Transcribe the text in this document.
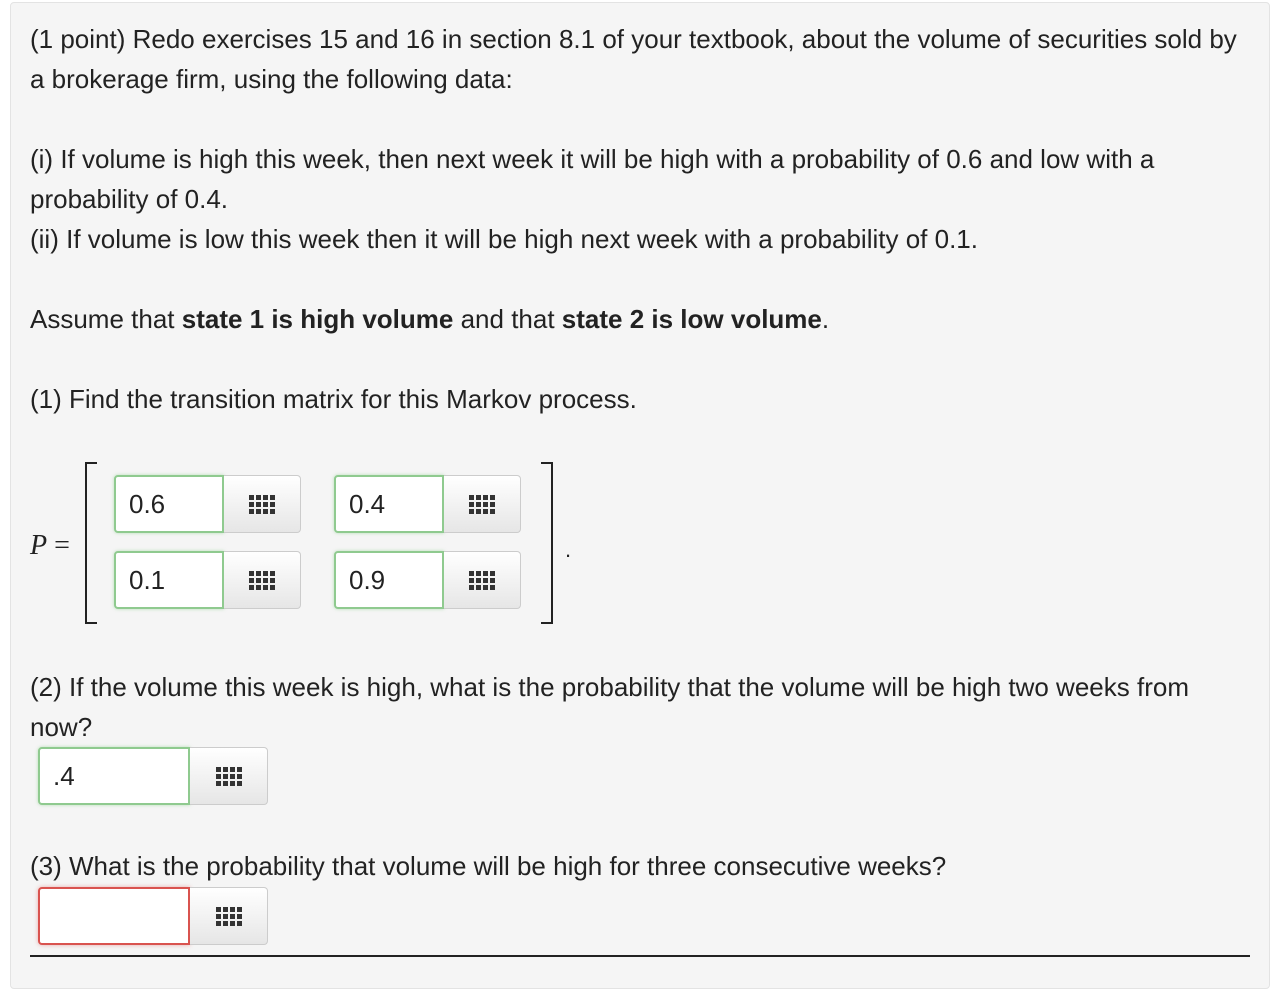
(1 point) Redo exercises 15 and 16 in section 8.1 of your textbook, about the volume of securities sold by a brokerage firm, using the following data:

(i) If volume is high this week, then next week it will be high with a probability of 0.6 and low with a probability of 0.4.

(ii) If volume is low this week then it will be high next week with a probability of 0.1.

Assume that state 1 is high volume and that state 2 is low volume.

(1) Find the transition matrix for this Markov process.

P =	.
0.6	0.4
0.1	0.9

(2) If the volume this week is high, what is the probability that the volume will be high two weeks from now?

.4

(3) What is the probability that volume will be high for three consecutive weeks?
